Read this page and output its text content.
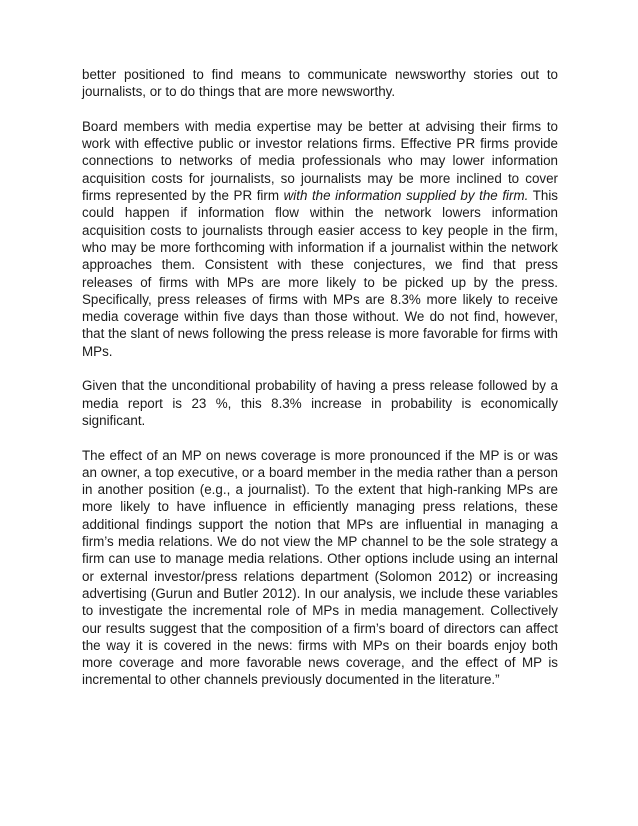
better positioned to find means to communicate newsworthy stories out to journalists, or to do things that are more newsworthy.

Board members with media expertise may be better at advising their firms to work with effective public or investor relations firms. Effective PR firms provide connections to networks of media professionals who may lower information acquisition costs for journalists, so journalists may be more inclined to cover firms represented by the PR firm with the information supplied by the firm. This could happen if information flow within the network lowers information acquisition costs to journalists through easier access to key people in the firm, who may be more forthcoming with information if a journalist within the network approaches them. Consistent with these conjectures, we find that press releases of firms with MPs are more likely to be picked up by the press. Specifically, press releases of firms with MPs are 8.3% more likely to receive media coverage within five days than those without. We do not find, however, that the slant of news following the press release is more favorable for firms with MPs.

Given that the unconditional probability of having a press release followed by a media report is 23 %, this 8.3% increase in probability is economically significant.

The effect of an MP on news coverage is more pronounced if the MP is or was an owner, a top executive, or a board member in the media rather than a person in another position (e.g., a journalist). To the extent that high-ranking MPs are more likely to have influence in efficiently managing press relations, these additional findings support the notion that MPs are influential in managing a firm’s media relations. We do not view the MP channel to be the sole strategy a firm can use to manage media relations. Other options include using an internal or external investor/press relations department (Solomon 2012) or increasing advertising (Gurun and Butler 2012). In our analysis, we include these variables to investigate the incremental role of MPs in media management. Collectively our results suggest that the composition of a firm’s board of directors can affect the way it is covered in the news: firms with MPs on their boards enjoy both more coverage and more favorable news coverage, and the effect of MP is incremental to other channels previously documented in the literature.”
